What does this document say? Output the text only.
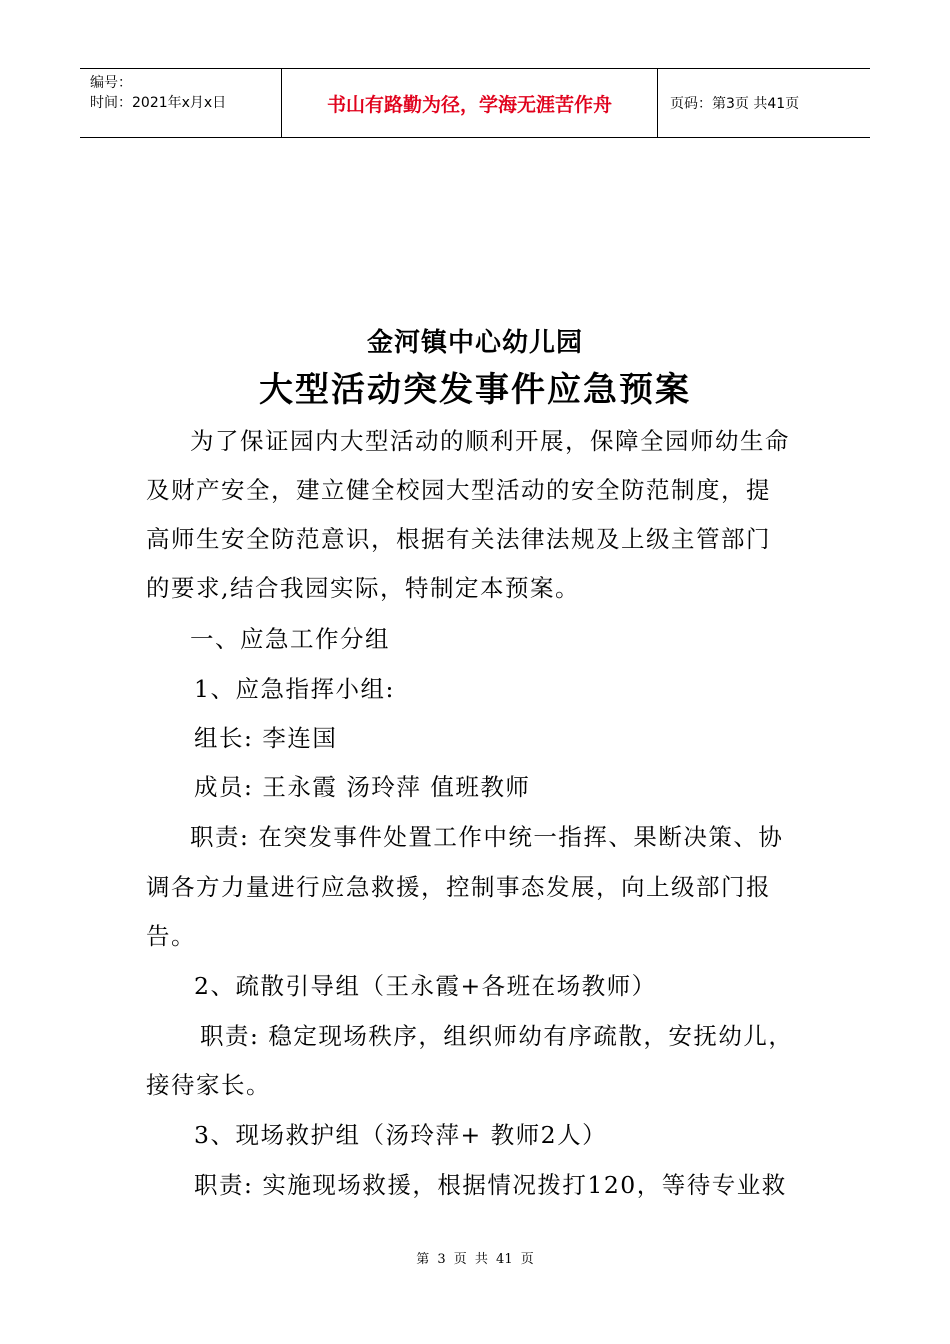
编号：
时间：2021年x月x日	书山有路勤为径，学海无涯苦作舟	页码：第3页 共41页
金河镇中心幼儿园
大型活动突发事件应急预案
为了保证园内大型活动的顺利开展，保障全园师幼生命
及财产安全，建立健全校园大型活动的安全防范制度，提
高师生安全防范意识，根据有关法律法规及上级主管部门
的要求,结合我园实际，特制定本预案。
一、应急工作分组
1、应急指挥小组:
组长: 李连国
成员: 王永霞 汤玲萍 值班教师
职责: 在突发事件处置工作中统一指挥、果断决策、协
调各方力量进行应急救援，控制事态发展，向上级部门报
告。
2、疏散引导组（王永霞+各班在场教师）
职责: 稳定现场秩序，组织师幼有序疏散，安抚幼儿，
接待家长。
3、现场救护组（汤玲萍+ 教师2人）
职责: 实施现场救援，根据情况拨打120，等待专业救
第 3 页 共 41 页
